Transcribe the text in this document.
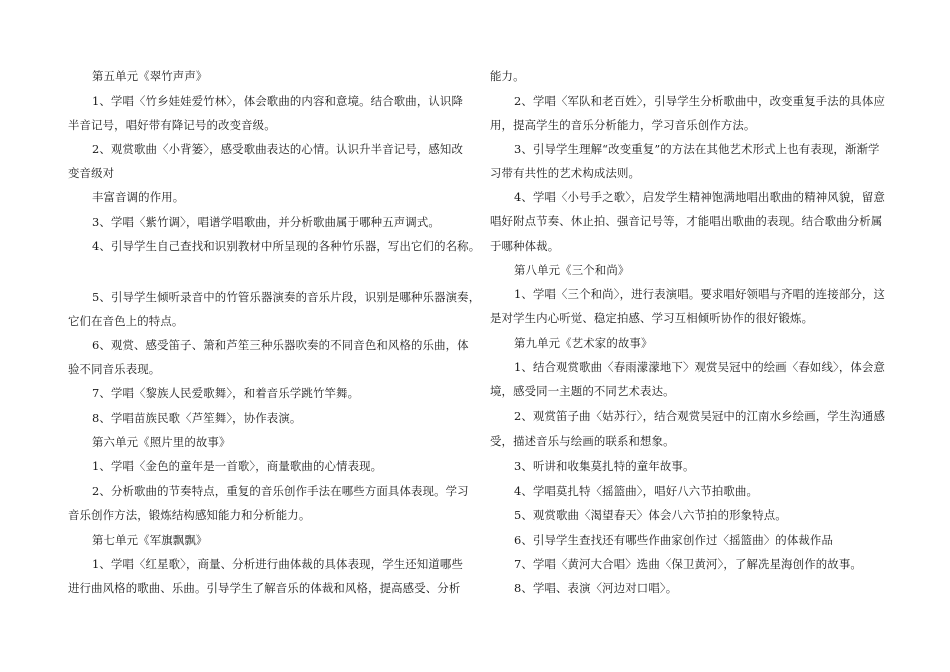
第五单元《翠竹声声》
1、学唱〈竹乡娃娃爱竹林〉，体会歌曲的内容和意境。结合歌曲，认识降
半音记号，唱好带有降记号的改变音级。
2、观赏歌曲〈小背篓〉，感受歌曲表达的心情。认识升半音记号，感知改
变音级对
丰富音调的作用。
3、学唱〈紫竹调〉，唱谱学唱歌曲，并分析歌曲属于哪种五声调式。
4、引导学生自己查找和识别教材中所呈现的各种竹乐器，写出它们的名称。
5、引导学生倾听录音中的竹管乐器演奏的音乐片段，识别是哪种乐器演奏，
它们在音色上的特点。
6、观赏、感受笛子、箫和芦笙三种乐器吹奏的不同音色和风格的乐曲，体
验不同音乐表现。
7、学唱〈黎族人民爱歌舞〉，和着音乐学跳竹竿舞。
8、学唱苗族民歌〈芦笙舞〉，协作表演。
第六单元《照片里的故事》
1、学唱〈金色的童年是一首歌〉，商量歌曲的心情表现。
2、分析歌曲的节奏特点，重复的音乐创作手法在哪些方面具体表现。学习
音乐创作方法，锻炼结构感知能力和分析能力。
第七单元《军旗飘飘》
1、学唱〈红星歌〉，商量、分析进行曲体裁的具体表现，学生还知道哪些
进行曲风格的歌曲、乐曲。引导学生了解音乐的体裁和风格，提高感受、分析
能力。
2、学唱〈军队和老百姓〉，引导学生分析歌曲中，改变重复手法的具体应
用，提高学生的音乐分析能力，学习音乐创作方法。
3、引导学生理解“改变重复”的方法在其他艺术形式上也有表现，渐渐学
习带有共性的艺术构成法则。
4、学唱〈小号手之歌〉，启发学生精神饱满地唱出歌曲的精神风貌，留意
唱好附点节奏、休止拍、强音记号等，才能唱出歌曲的表现。结合歌曲分析属
于哪种体裁。
第八单元《三个和尚》
1、学唱〈三个和尚〉，进行表演唱。要求唱好领唱与齐唱的连接部分，这
是对学生内心听觉、稳定拍感、学习互相倾听协作的很好锻炼。
第九单元《艺术家的故事》
1、结合观赏歌曲〈春雨濛濛地下〉观赏吴冠中的绘画〈春如线〉，体会意
境，感受同一主题的不同艺术表达。
2、观赏笛子曲〈姑苏行〉，结合观赏吴冠中的江南水乡绘画，学生沟通感
受，描述音乐与绘画的联系和想象。
3、听讲和收集莫扎特的童年故事。
4、学唱莫扎特〈摇篮曲〉，唱好八六节拍歌曲。
5、观赏歌曲〈渴望春天〉体会八六节拍的形象特点。
6、引导学生查找还有哪些作曲家创作过〈摇篮曲〉的体裁作品
7、学唱〈黄河大合唱〉选曲〈保卫黄河〉，了解冼星海创作的故事。
8、学唱、表演〈河边对口唱〉。
